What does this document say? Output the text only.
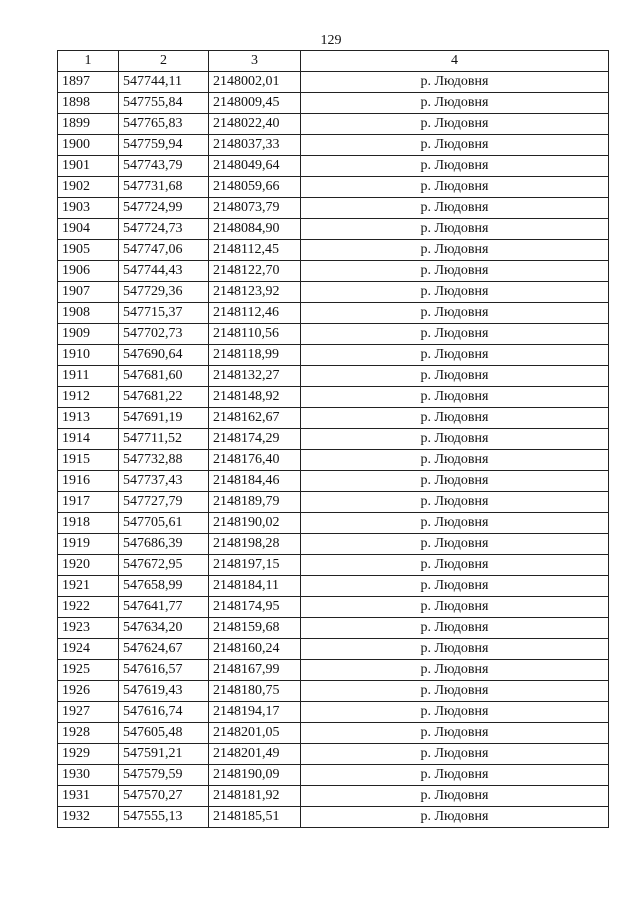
129
1	2	3	4
1897	547744,11	2148002,01	р. Людовня
1898	547755,84	2148009,45	р. Людовня
1899	547765,83	2148022,40	р. Людовня
1900	547759,94	2148037,33	р. Людовня
1901	547743,79	2148049,64	р. Людовня
1902	547731,68	2148059,66	р. Людовня
1903	547724,99	2148073,79	р. Людовня
1904	547724,73	2148084,90	р. Людовня
1905	547747,06	2148112,45	р. Людовня
1906	547744,43	2148122,70	р. Людовня
1907	547729,36	2148123,92	р. Людовня
1908	547715,37	2148112,46	р. Людовня
1909	547702,73	2148110,56	р. Людовня
1910	547690,64	2148118,99	р. Людовня
1911	547681,60	2148132,27	р. Людовня
1912	547681,22	2148148,92	р. Людовня
1913	547691,19	2148162,67	р. Людовня
1914	547711,52	2148174,29	р. Людовня
1915	547732,88	2148176,40	р. Людовня
1916	547737,43	2148184,46	р. Людовня
1917	547727,79	2148189,79	р. Людовня
1918	547705,61	2148190,02	р. Людовня
1919	547686,39	2148198,28	р. Людовня
1920	547672,95	2148197,15	р. Людовня
1921	547658,99	2148184,11	р. Людовня
1922	547641,77	2148174,95	р. Людовня
1923	547634,20	2148159,68	р. Людовня
1924	547624,67	2148160,24	р. Людовня
1925	547616,57	2148167,99	р. Людовня
1926	547619,43	2148180,75	р. Людовня
1927	547616,74	2148194,17	р. Людовня
1928	547605,48	2148201,05	р. Людовня
1929	547591,21	2148201,49	р. Людовня
1930	547579,59	2148190,09	р. Людовня
1931	547570,27	2148181,92	р. Людовня
1932	547555,13	2148185,51	р. Людовня
